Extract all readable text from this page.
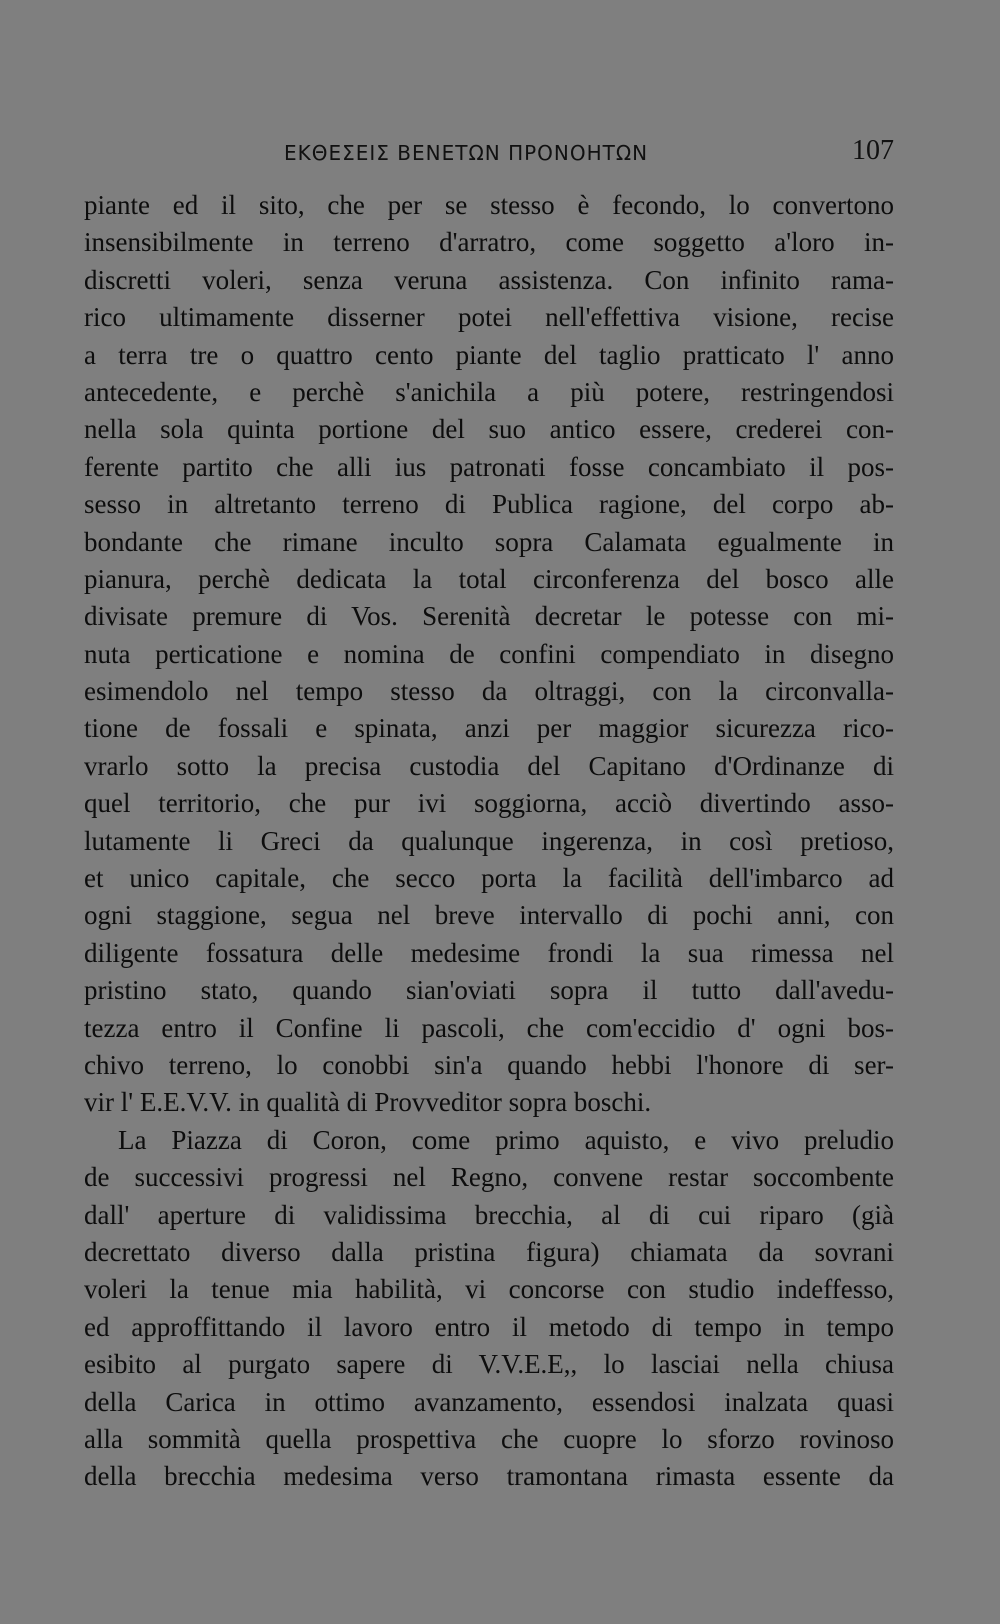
ΕΚΘΕΣΕΙΣ ΒΕΝΕΤΩΝ ΠΡΟΝΟΗΤΩΝ	107
piante ed il sito, che per se stesso è fecondo, lo convertono
insensibilmente in terreno d'arratro, come soggetto a'loro in-
discretti voleri, senza veruna assistenza. Con infinito rama-
rico ultimamente disserner potei nell'effettiva visione, recise
a terra tre o quattro cento piante del taglio pratticato l' anno
antecedente, e perchè s'anichila a più potere, restringendosi
nella sola quinta portione del suo antico essere, crederei con-
ferente partito che alli ius patronati fosse concambiato il pos-
sesso in altretanto terreno di Publica ragione, del corpo ab-
bondante che rimane inculto sopra Calamata egualmente in
pianura, perchè dedicata la total circonferenza del bosco alle
divisate premure di Vos. Serenità decretar le potesse con mi-
nuta perticatione e nomina de confini compendiato in disegno
esimendolo nel tempo stesso da oltraggi, con la circonvalla-
tione de fossali e spinata, anzi per maggior sicurezza rico-
vrarlo sotto la precisa custodia del Capitano d'Ordinanze di
quel territorio, che pur ivi soggiorna, acciò divertindo asso-
lutamente li Greci da qualunque ingerenza, in così pretioso,
et unico capitale, che secco porta la facilità dell'imbarco ad
ogni staggione, segua nel breve intervallo di pochi anni, con
diligente fossatura delle medesime frondi la sua rimessa nel
pristino stato, quando sian'oviati sopra il tutto dall'avedu-
tezza entro il Confine li pascoli, che com'eccidio d' ogni bos-
chivo terreno, lo conobbi sin'a quando hebbi l'honore di ser-
vir l' E.E.V.V. in qualità di Provveditor sopra boschi.
La Piazza di Coron, come primo aquisto, e vivo preludio
de successivi progressi nel Regno, convene restar soccombente
dall' aperture di validissima brecchia, al di cui riparo (già
decrettato diverso dalla pristina figura) chiamata da sovrani
voleri la tenue mia habilità, vi concorse con studio indeffesso,
ed approffittando il lavoro entro il metodo di tempo in tempo
esibito al purgato sapere di V.V.E.E,, lo lasciai nella chiusa
della Carica in ottimo avanzamento, essendosi inalzata quasi
alla sommità quella prospettiva che cuopre lo sforzo rovinoso
della brecchia medesima verso tramontana rimasta essente da
